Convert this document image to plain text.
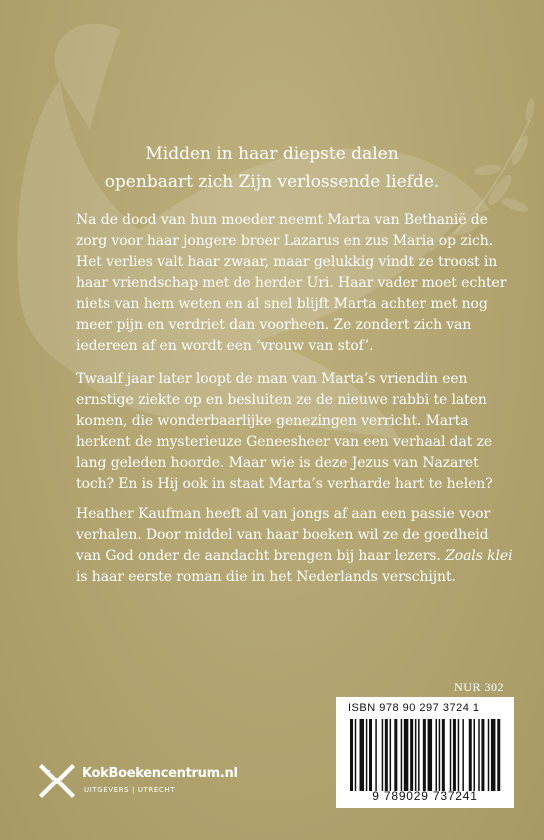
Midden in haar diepste dalen
openbaart zich Zijn verlossende liefde.
Na de dood van hun moeder neemt Marta van Bethanië de
zorg voor haar jongere broer Lazarus en zus Maria op zich.
Het verlies valt haar zwaar, maar gelukkig vindt ze troost in
haar vriendschap met de herder Uri. Haar vader moet echter
niets van hem weten en al snel blijft Marta achter met nog
meer pijn en verdriet dan voorheen. Ze zondert zich van
iedereen af en wordt een ‘vrouw van stof’.
Twaalf jaar later loopt de man van Marta’s vriendin een
ernstige ziekte op en besluiten ze de nieuwe rabbi te laten
komen, die wonderbaarlijke genezingen verricht. Marta
herkent de mysterieuze Geneesheer van een verhaal dat ze
lang geleden hoorde. Maar wie is deze Jezus van Nazaret
toch? En is Hij ook in staat Marta’s verharde hart te helen?
Heather Kaufman heeft al van jongs af aan een passie voor
verhalen. Door middel van haar boeken wil ze de goedheid
van God onder de aandacht brengen bij haar lezers. Zoals klei
is haar eerste roman die in het Nederlands verschijnt.
NUR 302
ISBN 978 90 297 3724 1
9 789029 737241
KokBoekencentrum.nl
UITGEVERS | UTRECHT
